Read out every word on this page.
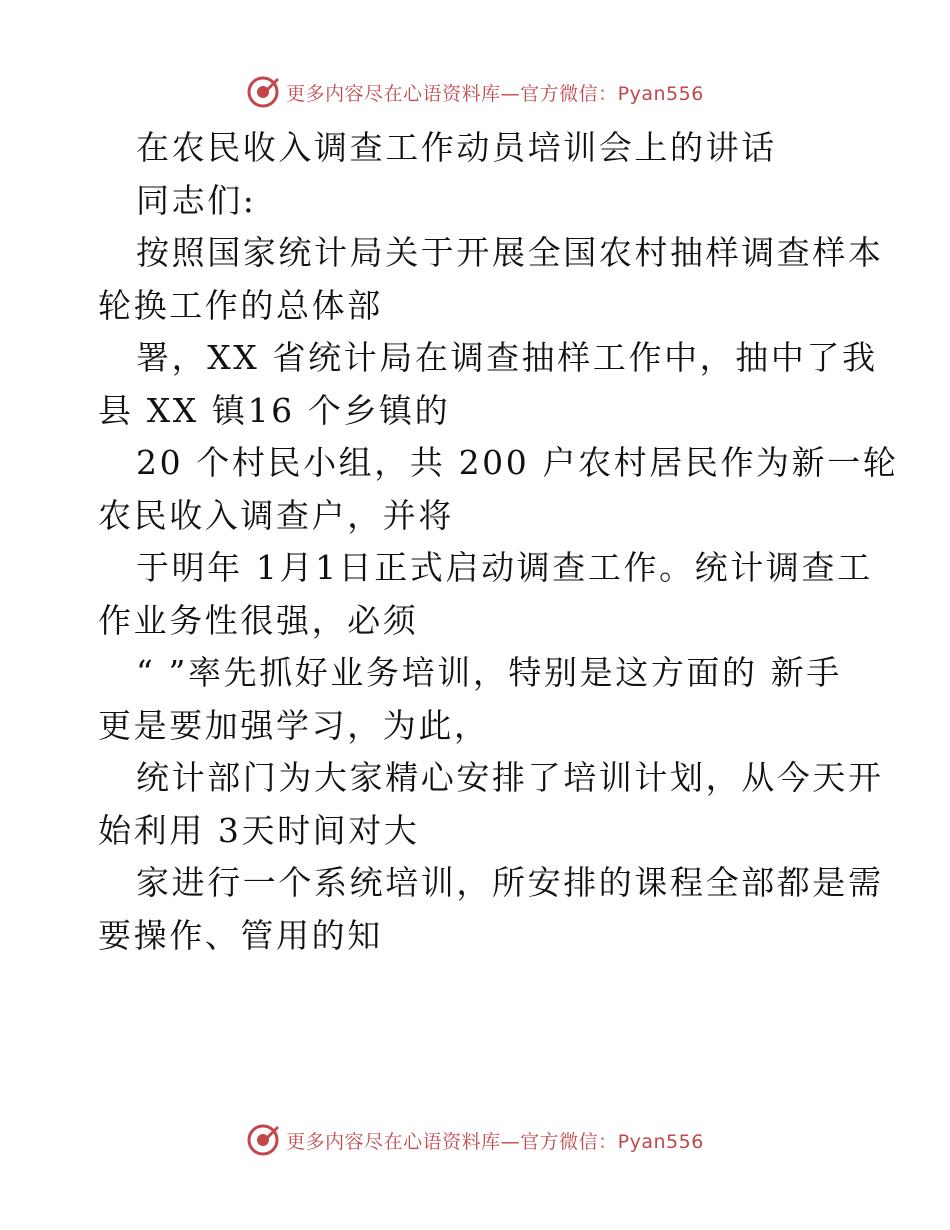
更多内容尽在心语资料库—官方微信：Pyan556
在农民收入调查工作动员培训会上的讲话
同志们:
按照国家统计局关于开展全国农村抽样调查样本
轮换工作的总体部
署，XX 省统计局在调查抽样工作中，抽中了我
县 XX 镇16 个乡镇的
20 个村民小组，共 200 户农村居民作为新一轮
农民收入调查户，并将
于明年 1月1日正式启动调查工作。统计调查工
作业务性很强，必须
“ ”率先抓好业务培训，特别是这方面的 新手
更是要加强学习，为此，
统计部门为大家精心安排了培训计划，从今天开
始利用 3天时间对大
家进行一个系统培训，所安排的课程全部都是需
要操作、管用的知
更多内容尽在心语资料库—官方微信：Pyan556
